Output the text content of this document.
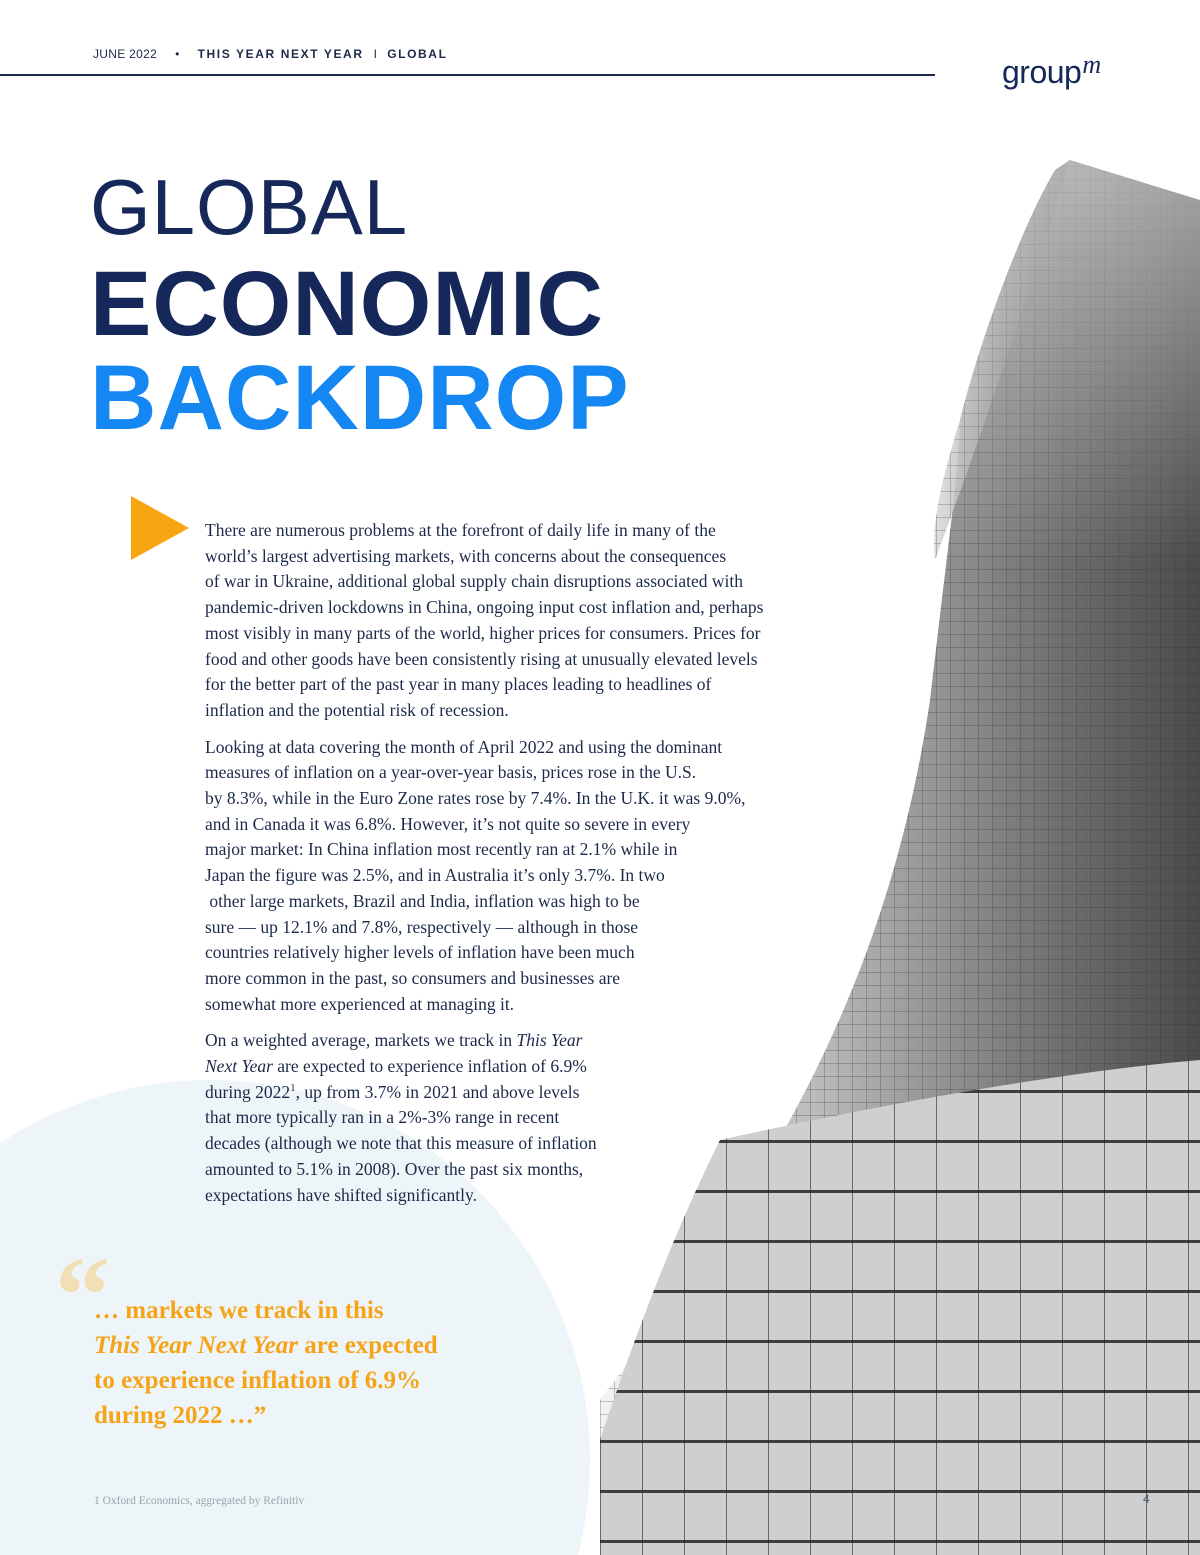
JUNE 2022 • THIS YEAR NEXT YEAR I GLOBAL	group$^m$
GLOBAL
ECONOMIC
BACKDROP

There are numerous problems at the forefront of daily life in many of the
world’s largest advertising markets, with concerns about the consequences
of war in Ukraine, additional global supply chain disruptions associated with
pandemic-driven lockdowns in China, ongoing input cost inflation and, perhaps
most visibly in many parts of the world, higher prices for consumers. Prices for
food and other goods have been consistently rising at unusually elevated levels
for the better part of the past year in many places leading to headlines of
inflation and the potential risk of recession.

Looking at data covering the month of April 2022 and using the dominant
measures of inflation on a year-over-year basis, prices rose in the U.S.
by 8.3%, while in the Euro Zone rates rose by 7.4%. In the U.K. it was 9.0%,
and in Canada it was 6.8%. However, it’s not quite so severe in every
major market: In China inflation most recently ran at 2.1% while in
Japan the figure was 2.5%, and in Australia it’s only 3.7%. In two
other large markets, Brazil and India, inflation was high to be
sure — up 12.1% and 7.8%, respectively — although in those
countries relatively higher levels of inflation have been much
more common in the past, so consumers and businesses are
somewhat more experienced at managing it.

On a weighted average, markets we track in This Year
Next Year are expected to experience inflation of 6.9%
during 2022$^1$, up from 3.7% in 2021 and above levels
that more typically ran in a 2%-3% range in recent
decades (although we note that this measure of inflation
amounted to 5.1% in 2008). Over the past six months,
expectations have shifted significantly.

“
… markets we track in this
This Year Next Year are expected
to experience inflation of 6.9%
during 2022 …”
1 Oxford Economics, aggregated by Refinitiv	4
